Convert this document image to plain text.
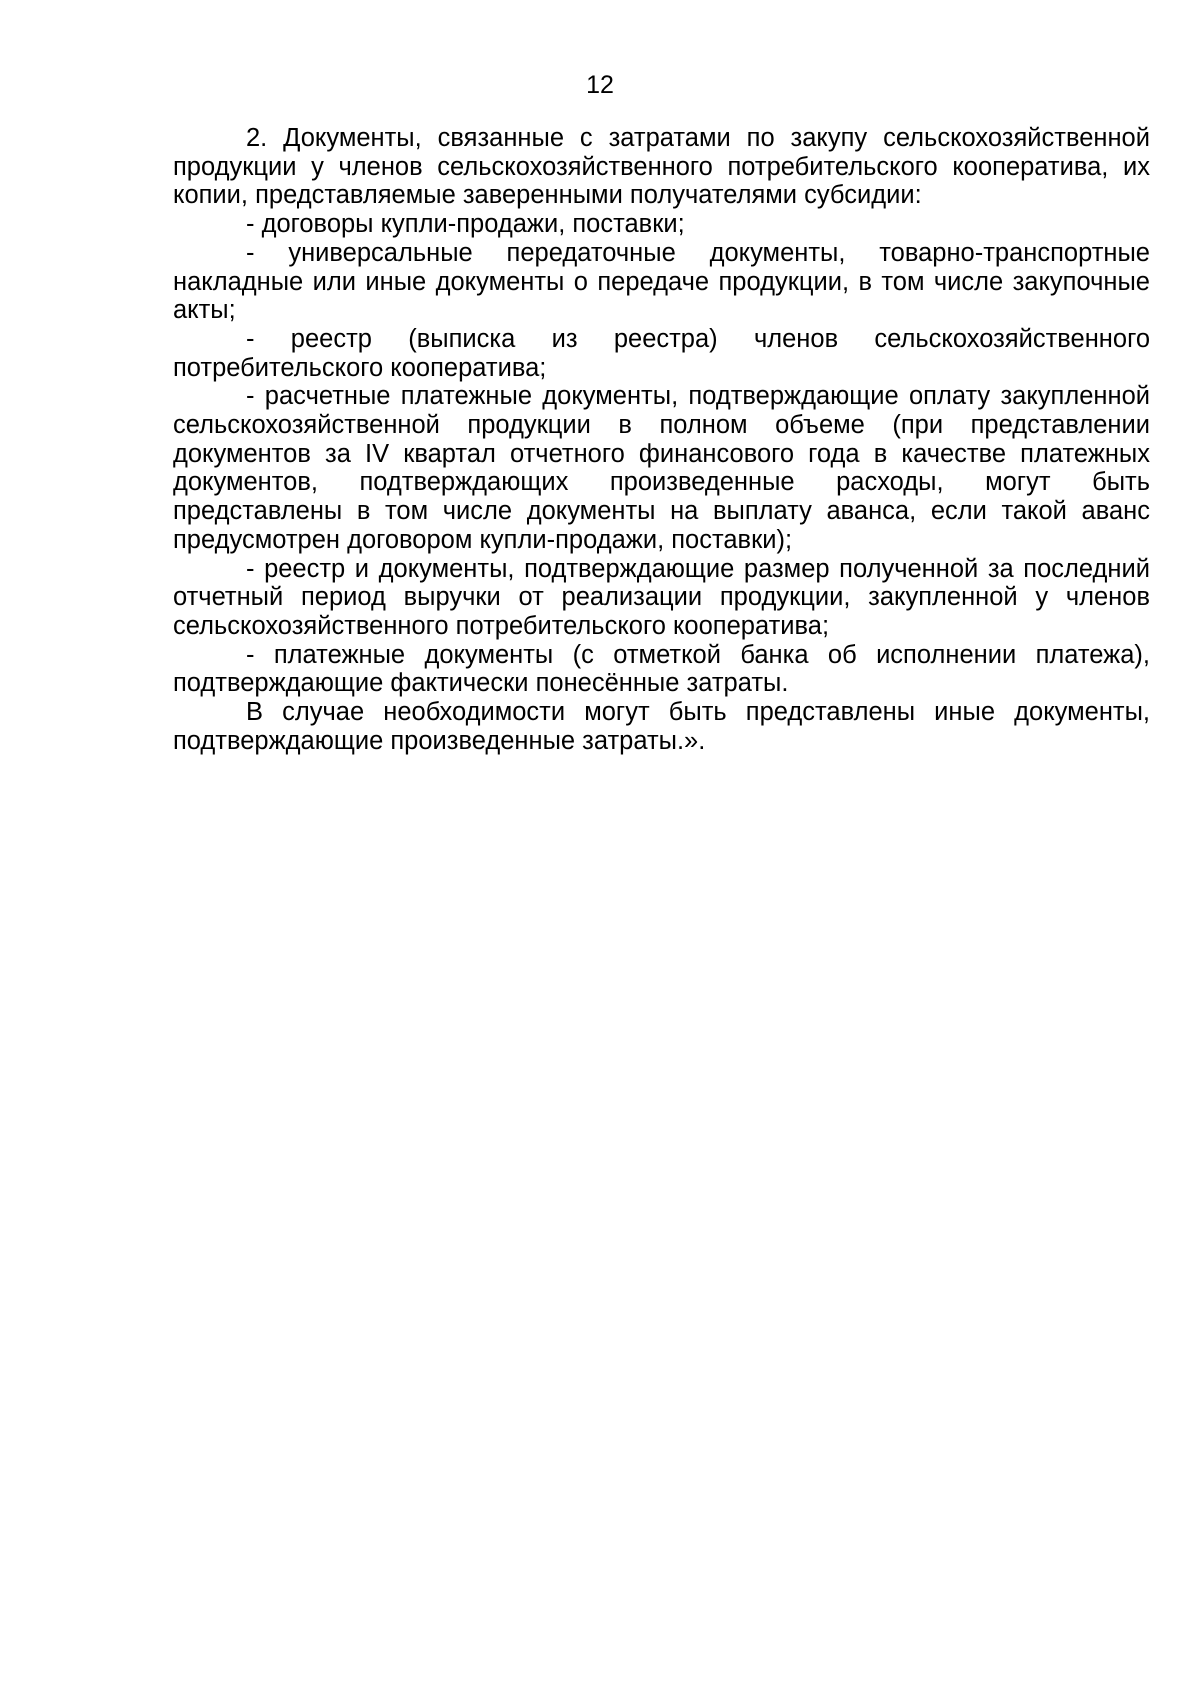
12

2. Документы, связанные с затратами по закупу сельскохозяйственной продукции у членов сельскохозяйственного потребительского кооператива, их копии, представляемые заверенными получателями субсидии:

- договоры купли-продажи, поставки;

- универсальные передаточные документы, товарно-транспортные накладные или иные документы о передаче продукции, в том числе закупочные акты;

- реестр (выписка из реестра) членов сельскохозяйственного потребительского кооператива;

- расчетные платежные документы, подтверждающие оплату закупленной сельскохозяйственной продукции в полном объеме (при представлении документов за IV квартал отчетного финансового года в качестве платежных документов, подтверждающих произведенные расходы, могут быть представлены в том числе документы на выплату аванса, если такой аванс предусмотрен договором купли-продажи, поставки);

- реестр и документы, подтверждающие размер полученной за последний отчетный период выручки от реализации продукции, закупленной у членов сельскохозяйственного потребительского кооператива;

- платежные документы (с отметкой банка об исполнении платежа), подтверждающие фактически понесённые затраты.

В случае необходимости могут быть представлены иные документы, подтверждающие произведенные затраты.».
